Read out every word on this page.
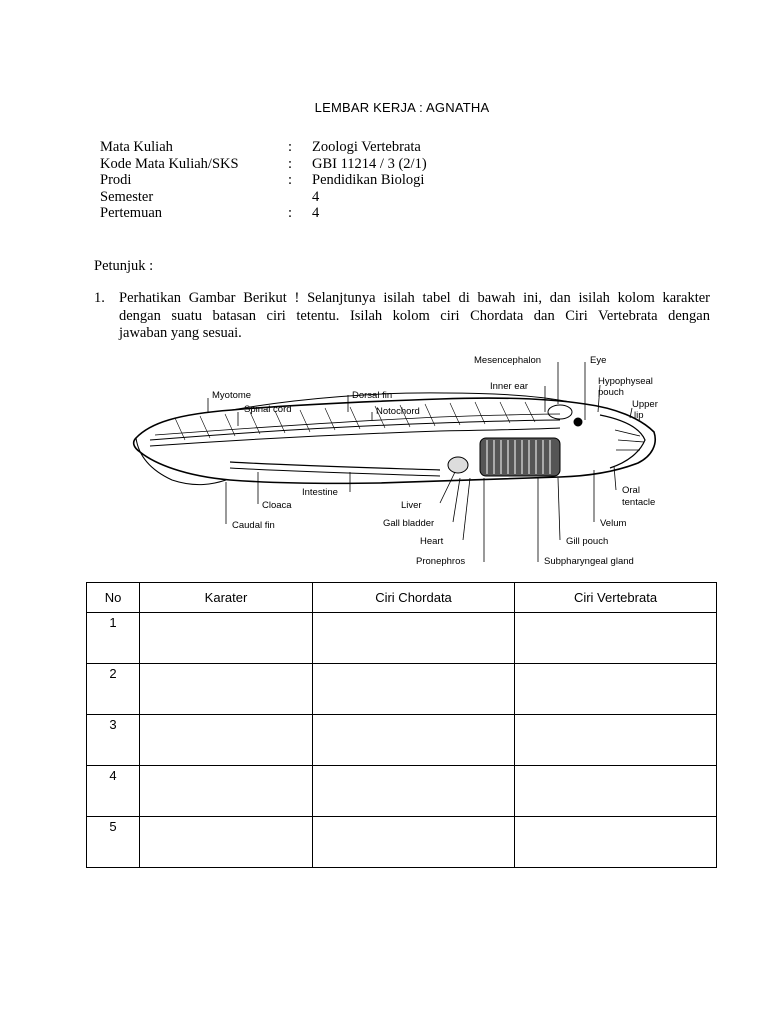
LEMBAR KERJA : AGNATHA
Mata Kuliah	:	Zoologi Vertebrata
Kode Mata Kuliah/SKS	:	GBI 11214 / 3 (2/1)
Prodi	:	Pendidikan Biologi
Semester	4
Pertemuan	:	4
Petunjuk :
1. Perhatikan Gambar Berikut ! Selanjtunya isilah tabel di bawah ini, dan isilah kolom karakter
dengan suatu batasan ciri tetentu. Isilah kolom ciri Chordata dan Ciri Vertebrata dengan
jawaban yang sesuai.
Myotome
Spinal cord
Dorsal fin
Notochord
Mesencephalon	Eye
Inner ear	Hypophyseal
pouch
Upper
lip
Cloaca
Caudal fin
Intestine
Liver
Gall bladder
Heart
Pronephros	Subpharyngeal gland
Gill pouch
Velum
Oral
tentacle
No	Karater	Ciri Chordata	Ciri Vertebrata
1			
2			
3			
4			
5			
